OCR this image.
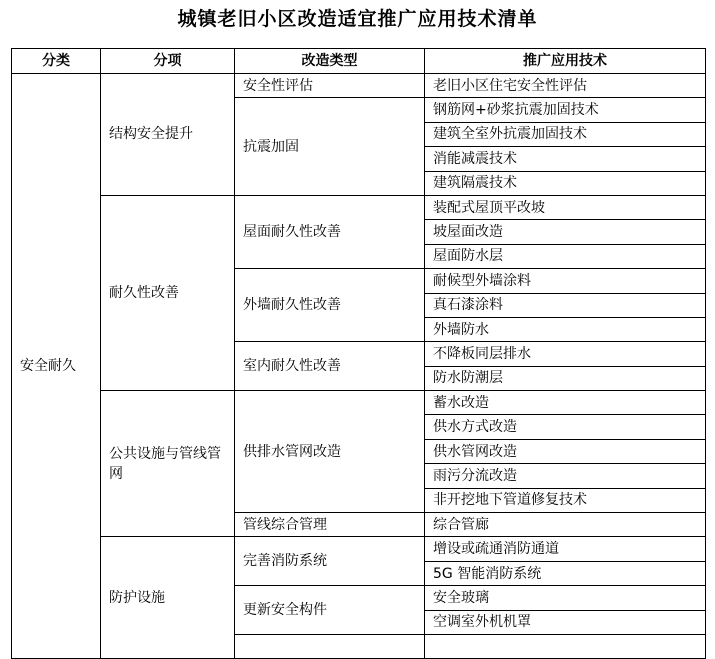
城镇老旧小区改造适宜推广应用技术清单
分类	分项	改造类型	推广应用技术
安全耐久	结构安全提升	安全性评估	老旧小区住宅安全性评估
		抗震加固	钢筋网+砂浆抗震加固技术
			建筑全室外抗震加固技术
			消能减震技术
			建筑隔震技术
	耐久性改善	屋面耐久性改善	装配式屋顶平改坡
			坡屋面改造
			屋面防水层
		外墙耐久性改善	耐候型外墙涂料
			真石漆涂料
			外墙防水
		室内耐久性改善	不降板同层排水
			防水防潮层
	公共设施与管线管网	供排水管网改造	蓄水改造
			供水方式改造
			供水管网改造
			雨污分流改造
			非开挖地下管道修复技术
		管线综合管理	综合管廊
	防护设施	完善消防系统	增设或疏通消防通道
			5G 智能消防系统
		更新安全构件	安全玻璃
			空调室外机机罩
